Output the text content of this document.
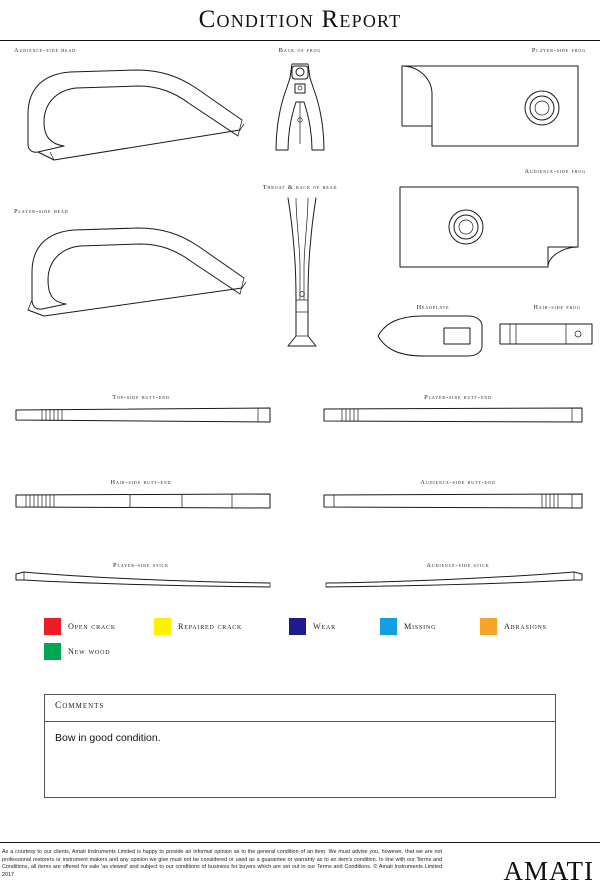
Condition Report
Audience-side head	Back of frog	Player-side frog
Audience-side frog
Throat & back of head
Player-side head
Headplate	Hair-side frog
Top-side butt-end	Player-side butt-end
Hair-side butt-end	Audience-side butt-end
Player-side stick	Audience-side stick
Open crack	Repaired crack	Wear	Missing	Abrasions
New wood
Comments
Bow in good condition.
As a courtesy to our clients, Amati Instruments Limited is happy to provide an informal opinion as to the general condition of an item. We must advise you, however, that we are not professional restorers or instrument makers and any opinion we give must not be considered or used as a guarantee or warranty as to an item's condition. In line with our Terms and Conditions, all items are offered for sale 'as viewed' and subject to our conditions of business for buyers which are set out in our Terms and Conditions. © Amati Instruments Limited 2017	AMATI
